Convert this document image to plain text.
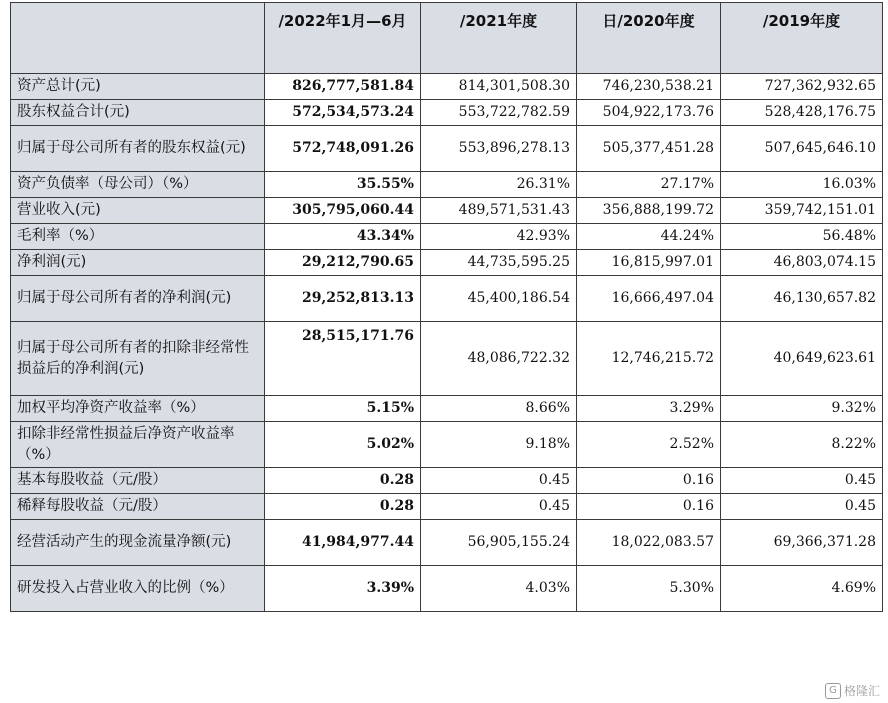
	/2022年1月—6月	/2021年度	日/2020年度	/2019年度
资产总计(元)	826,777,581.84	814,301,508.30	746,230,538.21	727,362,932.65
股东权益合计(元)	572,534,573.24	553,722,782.59	504,922,173.76	528,428,176.75
归属于母公司所有者的股东权益(元)	572,748,091.26	553,896,278.13	505,377,451.28	507,645,646.10
资产负债率（母公司）（%）	35.55%	26.31%	27.17%	16.03%
营业收入(元)	305,795,060.44	489,571,531.43	356,888,199.72	359,742,151.01
毛利率（%）	43.34%	42.93%	44.24%	56.48%
净利润(元)	29,212,790.65	44,735,595.25	16,815,997.01	46,803,074.15
归属于母公司所有者的净利润(元)	29,252,813.13	45,400,186.54	16,666,497.04	46,130,657.82
归属于母公司所有者的扣除非经常性损益后的净利润(元)	28,515,171.76	48,086,722.32	12,746,215.72	40,649,623.61
加权平均净资产收益率（%）	5.15%	8.66%	3.29%	9.32%
扣除非经常性损益后净资产收益率（%）	5.02%	9.18%	2.52%	8.22%
基本每股收益（元/股）	0.28	0.45	0.16	0.45
稀释每股收益（元/股）	0.28	0.45	0.16	0.45
经营活动产生的现金流量净额(元)	41,984,977.44	56,905,155.24	18,022,083.57	69,366,371.28
研发投入占营业收入的比例（%）	3.39%	4.03%	5.30%	4.69%
G 格隆汇
